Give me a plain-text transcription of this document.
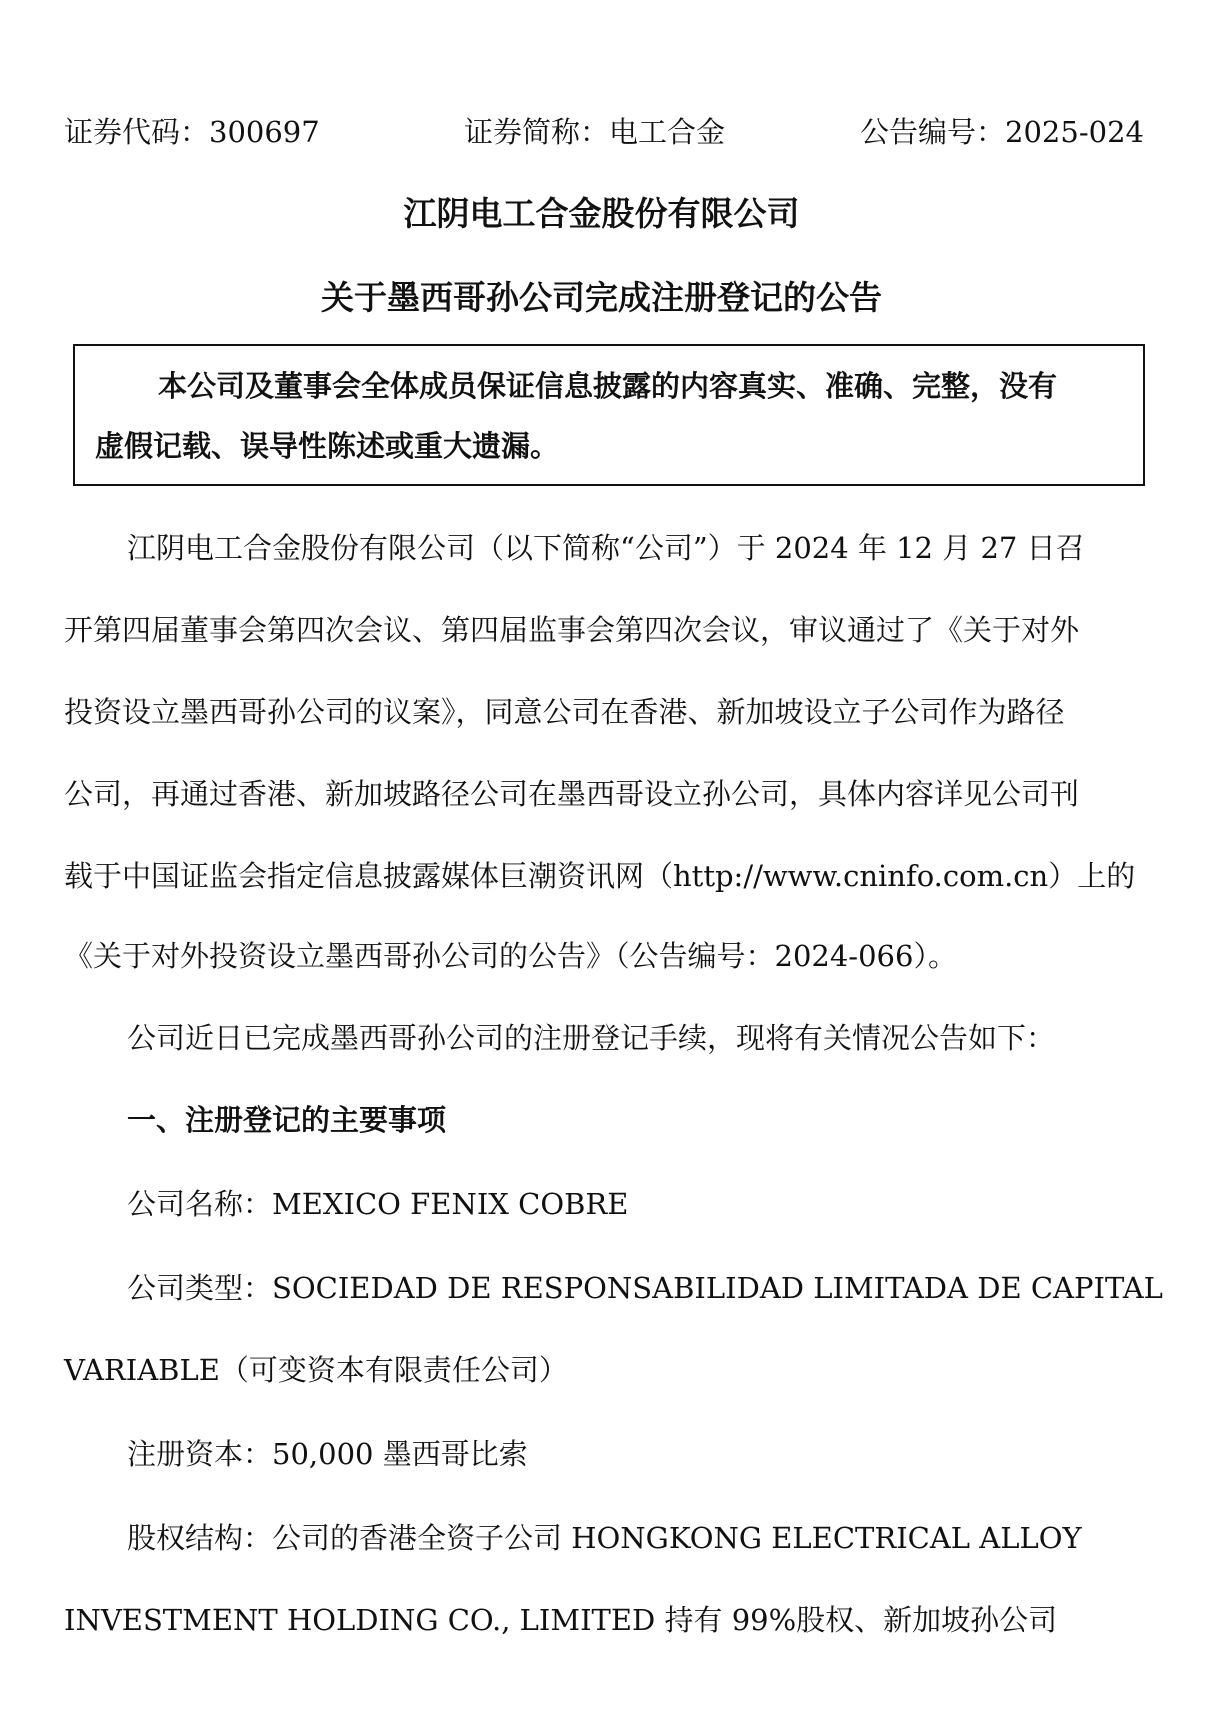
证券代码：300697	证券简称：电工合金	公告编号：2025-024
江阴电工合金股份有限公司
关于墨西哥孙公司完成注册登记的公告
本公司及董事会全体成员保证信息披露的内容真实、准确、完整，没有
虚假记载、误导性陈述或重大遗漏。
江阴电工合金股份有限公司（以下简称“公司”）于 2024 年 12 月 27 日召
开第四届董事会第四次会议、第四届监事会第四次会议，审议通过了《关于对外
投资设立墨西哥孙公司的议案》，同意公司在香港、新加坡设立子公司作为路径
公司，再通过香港、新加坡路径公司在墨西哥设立孙公司，具体内容详见公司刊
载于中国证监会指定信息披露媒体巨潮资讯网（http://www.cninfo.com.cn）上的
《关于对外投资设立墨西哥孙公司的公告》（公告编号：2024-066）。
公司近日已完成墨西哥孙公司的注册登记手续，现将有关情况公告如下：
一、注册登记的主要事项
公司名称：MEXICO FENIX COBRE
公司类型：SOCIEDAD DE RESPONSABILIDAD LIMITADA DE CAPITAL
VARIABLE（可变资本有限责任公司）
注册资本：50,000 墨西哥比索
股权结构：公司的香港全资子公司 HONGKONG ELECTRICAL ALLOY
INVESTMENT HOLDING CO., LIMITED 持有 99%股权、新加坡孙公司
